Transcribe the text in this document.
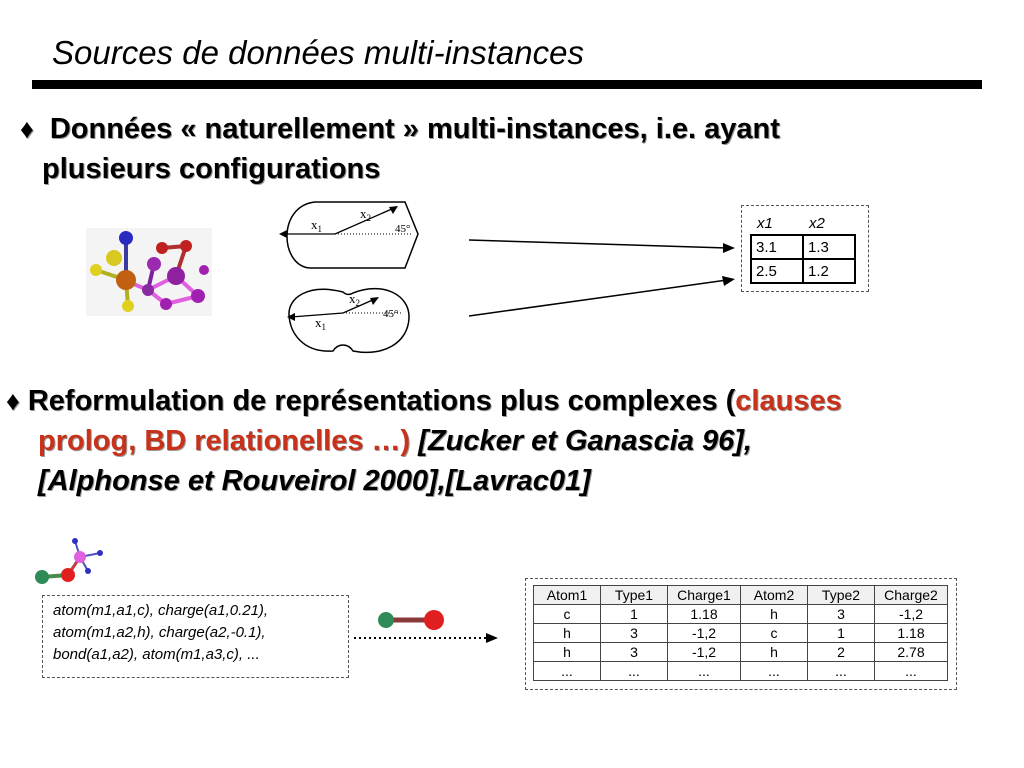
Sources de données multi-instances
♦ Données « naturellement » multi-instances, i.e. ayant
plusieurs configurations
$x_1$
$x_2$
45°
$x_1$
$x_2$
45°
x1	x2
3.1	1.3
2.5	1.2
♦ Reformulation de représentations plus complexes (clauses
prolog, BD relationelles …) [Zucker et Ganascia 96],
[Alphonse et Rouveirol 2000],[Lavrac01]
atom(m1,a1,c), charge(a1,0.21),
atom(m1,a2,h), charge(a2,-0.1),
bond(a1,a2), atom(m1,a3,c), ...
Atom1	Type1	Charge1	Atom2	Type2	Charge2
c	1	1.18	h	3	-1,2
h	3	-1,2	c	1	1.18
h	3	-1,2	h	2	2.78
...	...	...	...	...	...
